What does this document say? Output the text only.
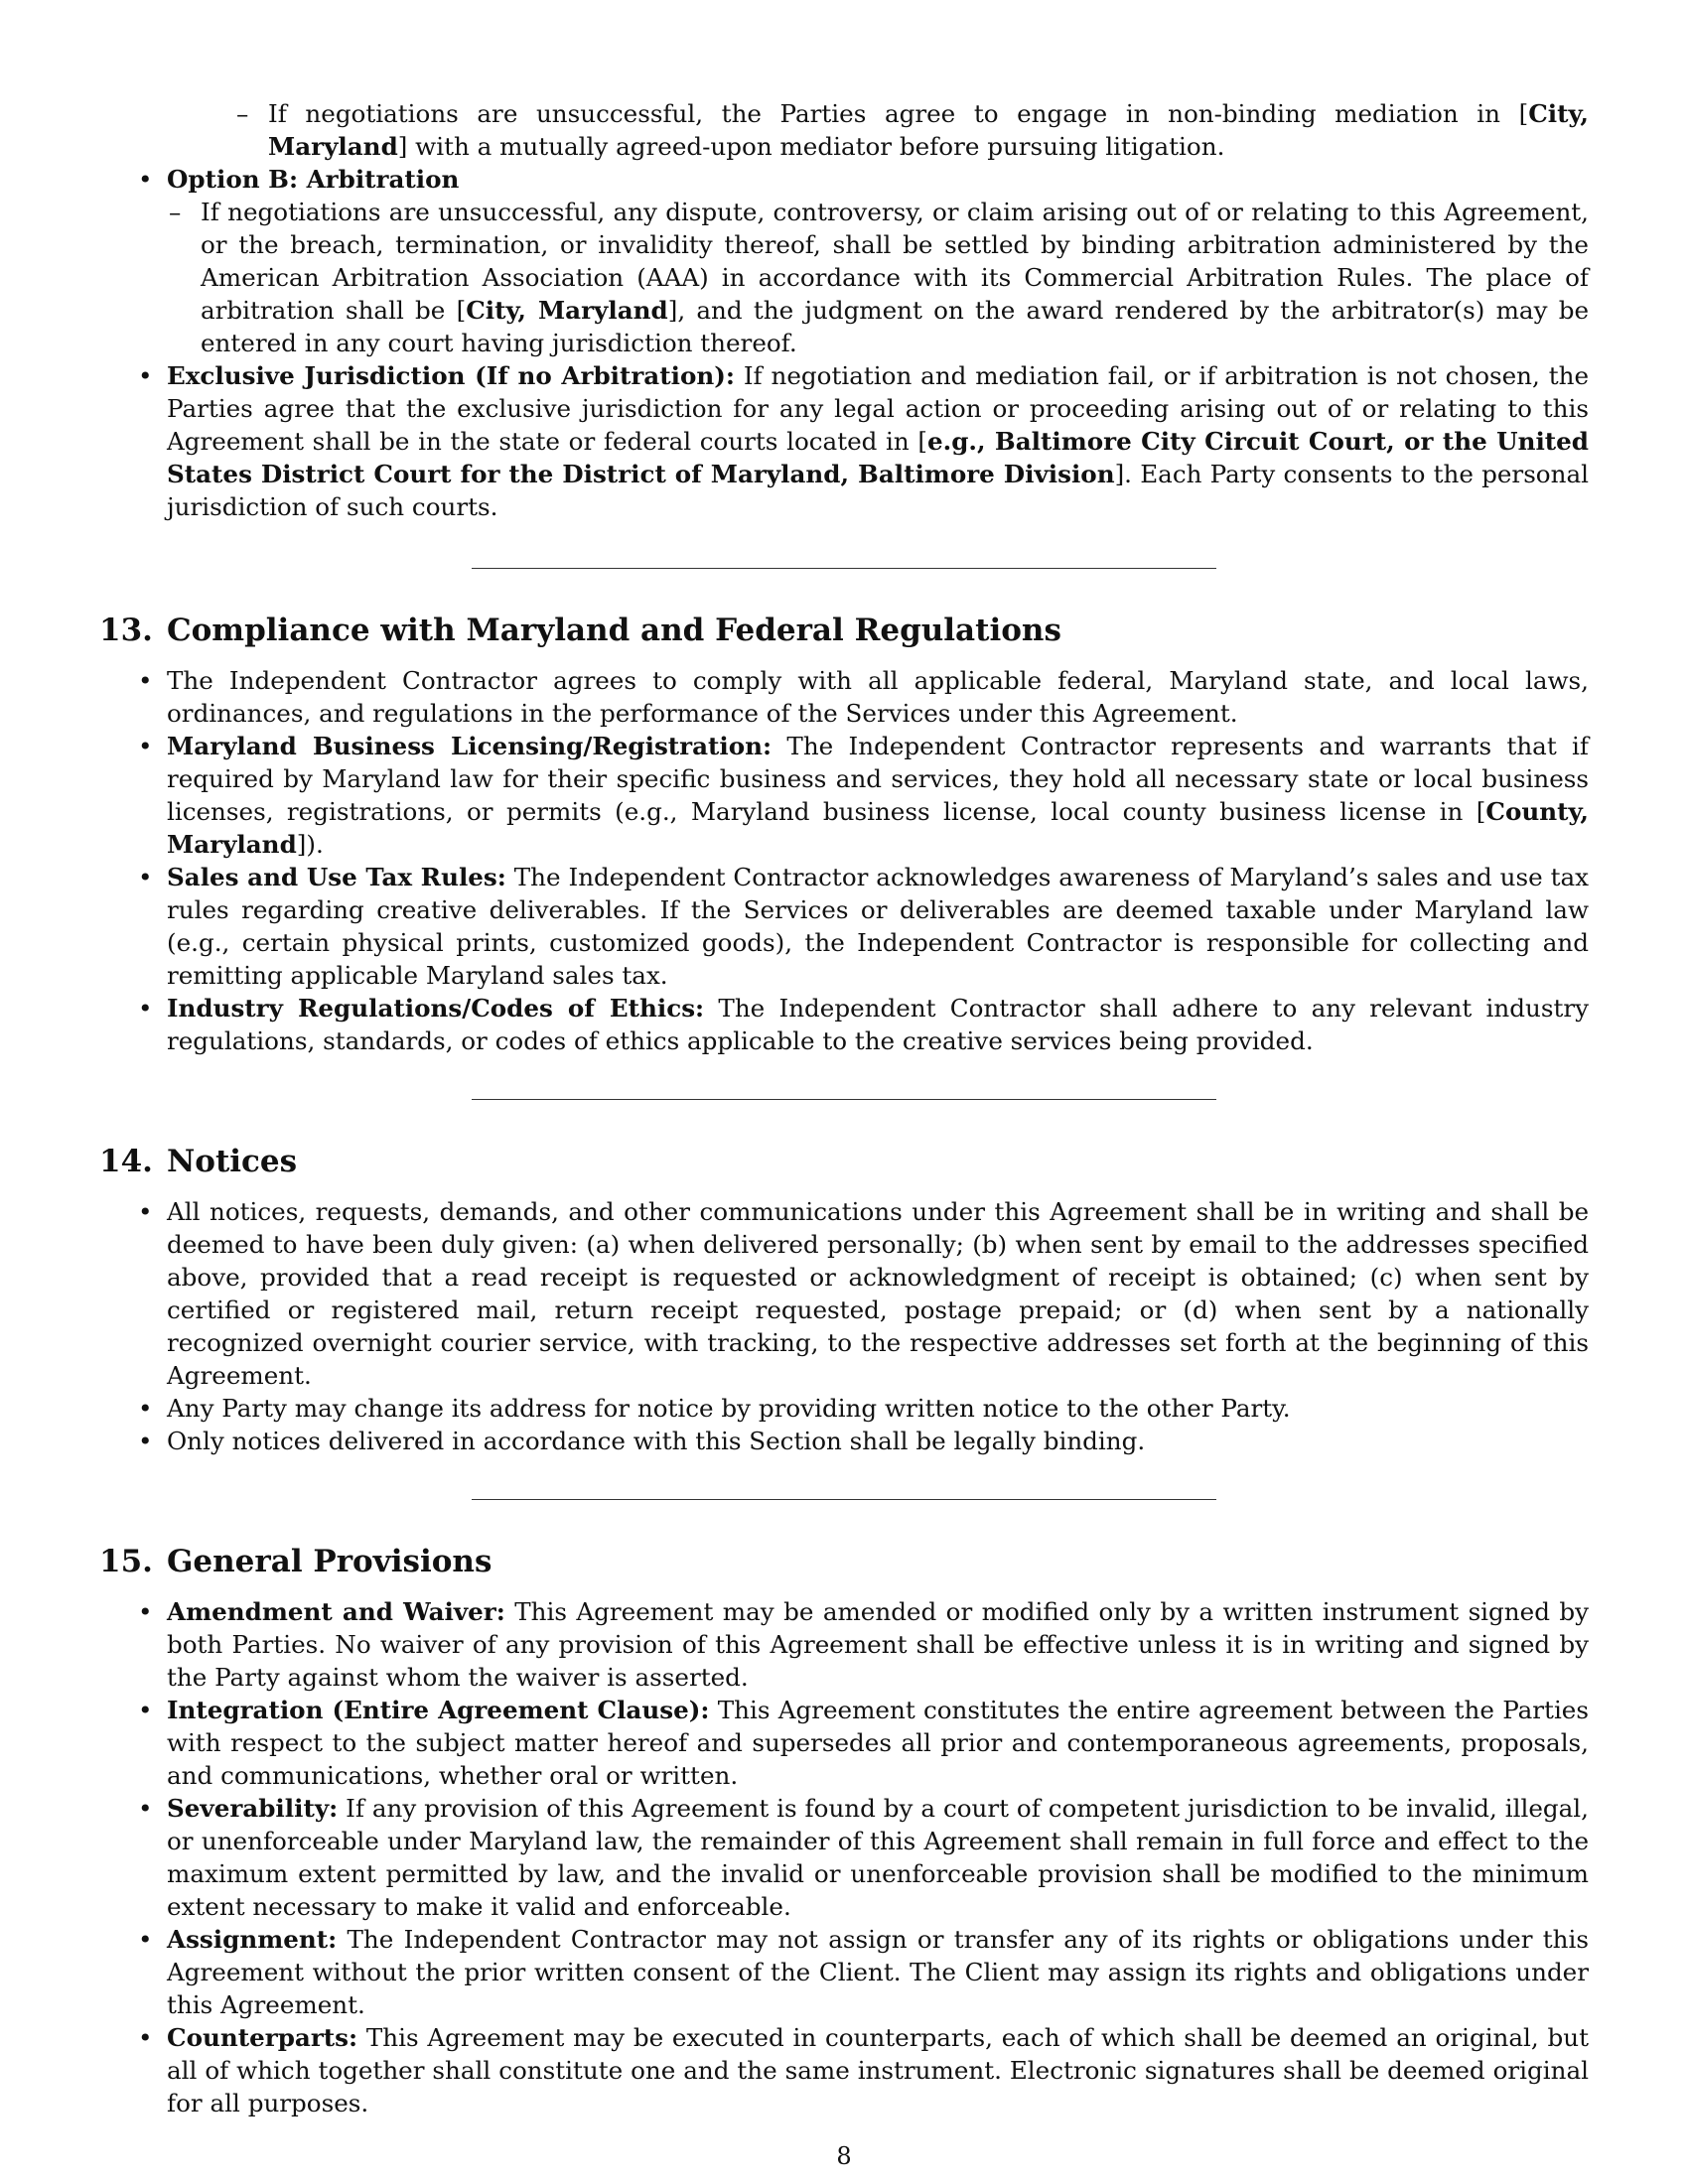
– If negotiations are unsuccessful, the Parties agree to engage in non-binding mediation in [City, Maryland] with a mutually agreed-upon mediator before pursuing litigation.
• Option B: Arbitration
– If negotiations are unsuccessful, any dispute, controversy, or claim arising out of or relating to this Agreement, or the breach, termination, or invalidity thereof, shall be settled by binding arbitration administered by the American Arbitration Association (AAA) in accordance with its Commercial Arbitration Rules. The place of arbitration shall be [City, Maryland], and the judgment on the award rendered by the arbitrator(s) may be entered in any court having jurisdiction thereof.
• Exclusive Jurisdiction (If no Arbitration): If negotiation and mediation fail, or if arbitration is not chosen, the Parties agree that the exclusive jurisdiction for any legal action or proceeding arising out of or relating to this Agreement shall be in the state or federal courts located in [e.g., Baltimore City Circuit Court, or the United States District Court for the District of Maryland, Baltimore Division]. Each Party consents to the personal jurisdiction of such courts.
13. Compliance with Maryland and Federal Regulations
• The Independent Contractor agrees to comply with all applicable federal, Maryland state, and local laws, ordinances, and regulations in the performance of the Services under this Agreement.
• Maryland Business Licensing/Registration: The Independent Contractor represents and warrants that if required by Maryland law for their specific business and services, they hold all necessary state or local business licenses, registrations, or permits (e.g., Maryland business license, local county business license in [County, Maryland]).
• Sales and Use Tax Rules: The Independent Contractor acknowledges awareness of Maryland’s sales and use tax rules regarding creative deliverables. If the Services or deliverables are deemed taxable under Maryland law (e.g., certain physical prints, customized goods), the Independent Contractor is responsible for collecting and remitting applicable Maryland sales tax.
• Industry Regulations/Codes of Ethics: The Independent Contractor shall adhere to any relevant industry regulations, standards, or codes of ethics applicable to the creative services being provided.
14. Notices
• All notices, requests, demands, and other communications under this Agreement shall be in writing and shall be deemed to have been duly given: (a) when delivered personally; (b) when sent by email to the addresses specified above, provided that a read receipt is requested or acknowledgment of receipt is obtained; (c) when sent by certified or registered mail, return receipt requested, postage prepaid; or (d) when sent by a nationally recognized overnight courier service, with tracking, to the respective addresses set forth at the beginning of this Agreement.
• Any Party may change its address for notice by providing written notice to the other Party.
• Only notices delivered in accordance with this Section shall be legally binding.
15. General Provisions
• Amendment and Waiver: This Agreement may be amended or modified only by a written instrument signed by both Parties. No waiver of any provision of this Agreement shall be effective unless it is in writing and signed by the Party against whom the waiver is asserted.
• Integration (Entire Agreement Clause): This Agreement constitutes the entire agreement between the Parties with respect to the subject matter hereof and supersedes all prior and contemporaneous agreements, proposals, and communications, whether oral or written.
• Severability: If any provision of this Agreement is found by a court of competent jurisdiction to be invalid, illegal, or unenforceable under Maryland law, the remainder of this Agreement shall remain in full force and effect to the maximum extent permitted by law, and the invalid or unenforceable provision shall be modified to the minimum extent necessary to make it valid and enforceable.
• Assignment: The Independent Contractor may not assign or transfer any of its rights or obligations under this Agreement without the prior written consent of the Client. The Client may assign its rights and obligations under this Agreement.
• Counterparts: This Agreement may be executed in counterparts, each of which shall be deemed an original, but all of which together shall constitute one and the same instrument. Electronic signatures shall be deemed original for all purposes.
8
